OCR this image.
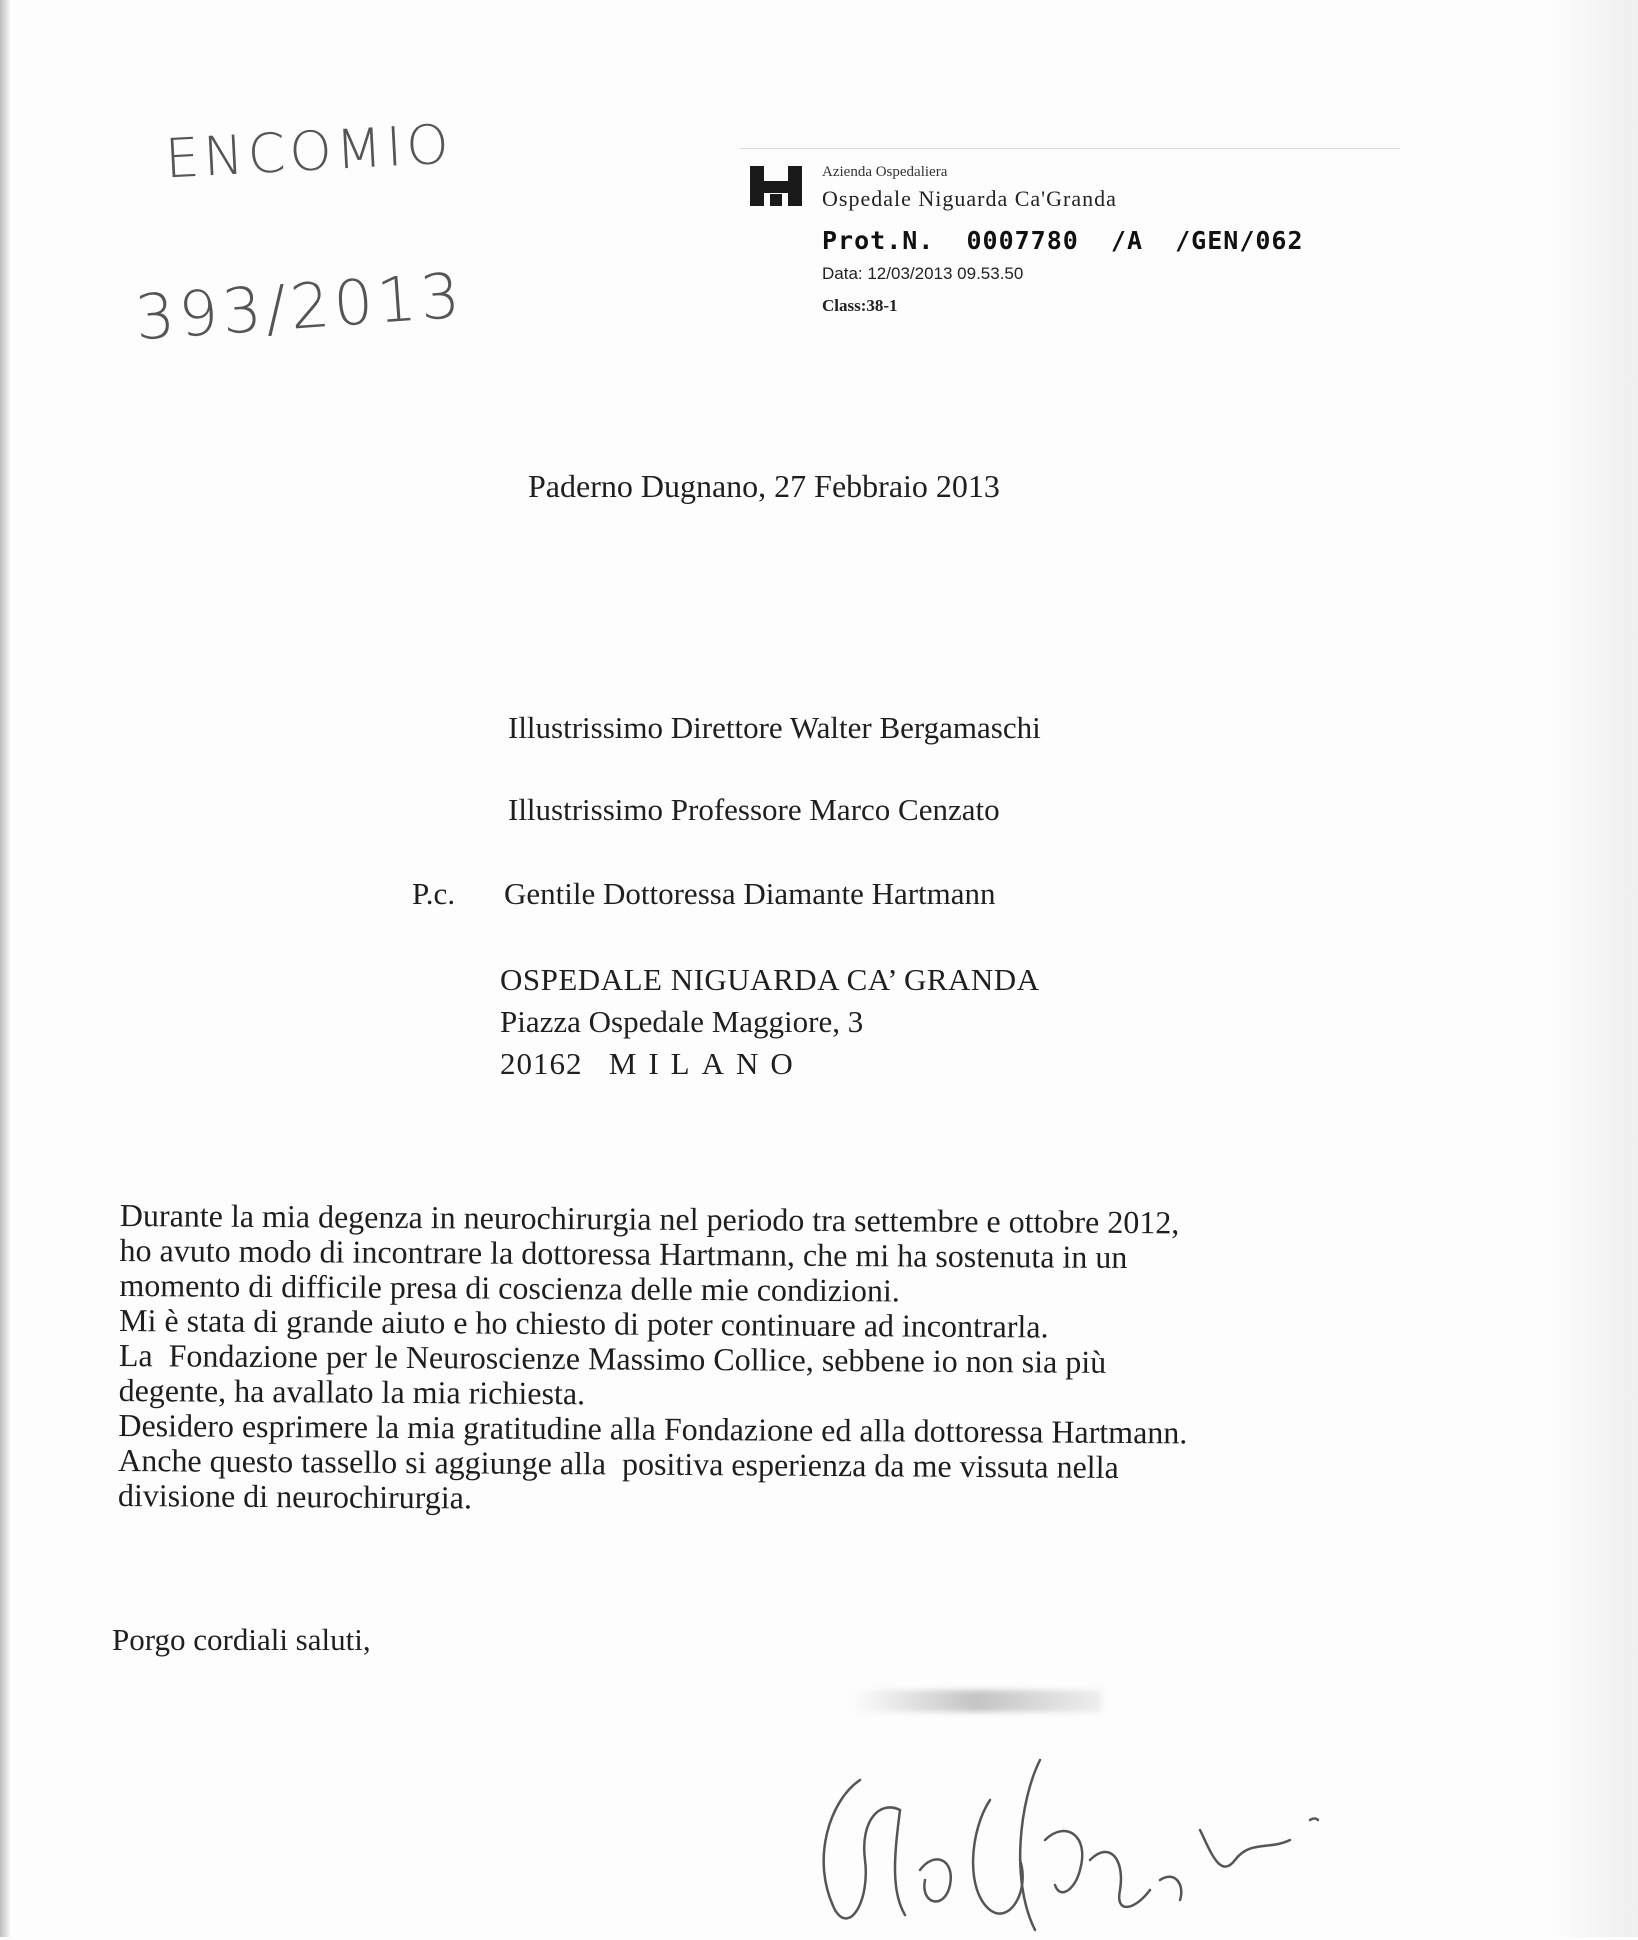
ENCOMIO
393/2013
Azienda Ospedaliera
Ospedale Niguarda Ca'Granda
Prot.N.  0007780  /A  /GEN/062
Data: 12/03/2013 09.53.50
Class:38-1
Paderno Dugnano, 27 Febbraio 2013
Illustrissimo Direttore Walter Bergamaschi
Illustrissimo Professore Marco Cenzato
P.c. Gentile Dottoressa Diamante Hartmann
OSPEDALE NIGUARDA CA’ GRANDA
Piazza Ospedale Maggiore, 3
20162 MILANO
Durante la mia degenza in neurochirurgia nel periodo tra settembre e ottobre 2012,
ho avuto modo di incontrare la dottoressa Hartmann, che mi ha sostenuta in un
momento di difficile presa di coscienza delle mie condizioni.
Mi è stata di grande aiuto e ho chiesto di poter continuare ad incontrarla.
La  Fondazione per le Neuroscienze Massimo Collice, sebbene io non sia più
degente, ha avallato la mia richiesta.
Desidero esprimere la mia gratitudine alla Fondazione ed alla dottoressa Hartmann.
Anche questo tassello si aggiunge alla  positiva esperienza da me vissuta nella
divisione di neurochirurgia.
Porgo cordiali saluti,
